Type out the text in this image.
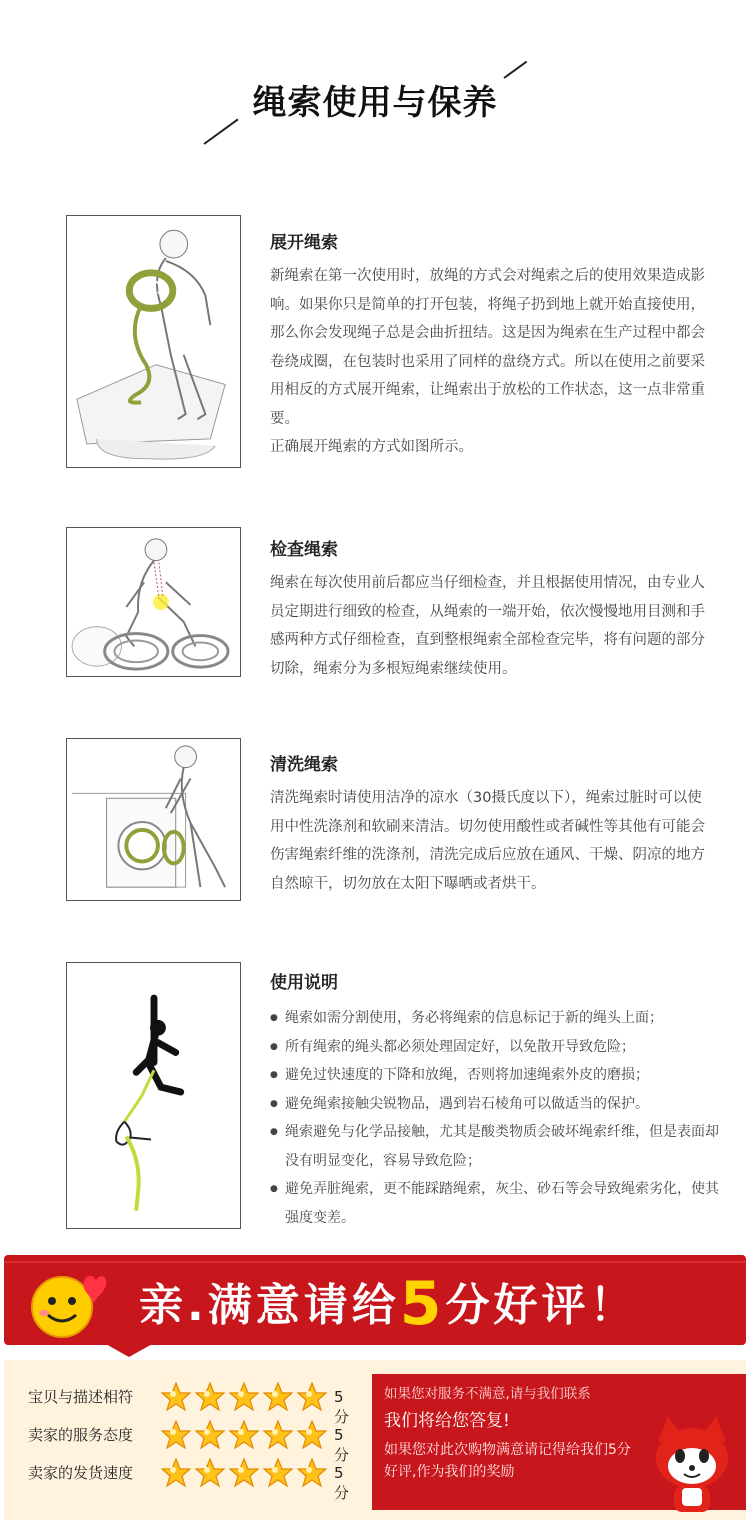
绳索使用与保养
展开绳索

新绳索在第一次使用时，放绳的方式会对绳索之后的使用效果造成影响。如果你只是简单的打开包装，将绳子扔到地上就开始直接使用，那么你会发现绳子总是会曲折扭结。这是因为绳索在生产过程中都会卷绕成圈，在包装时也采用了同样的盘绕方式。所以在使用之前要采用相反的方式展开绳索，让绳索出于放松的工作状态，这一点非常重要。

正确展开绳索的方式如图所示。

检查绳索

绳索在每次使用前后都应当仔细检查，并且根据使用情况，由专业人员定期进行细致的检查，从绳索的一端开始，依次慢慢地用目测和手感两种方式仔细检查，直到整根绳索全部检查完毕，将有问题的部分切除，绳索分为多根短绳索继续使用。

清洗绳索

清洗绳索时请使用洁净的凉水（30摄氏度以下），绳索过脏时可以使用中性洗涤剂和软刷来清洁。切勿使用酸性或者碱性等其他有可能会伤害绳索纤维的洗涤剂，清洗完成后应放在通风、干燥、阴凉的地方自然晾干，切勿放在太阳下曝晒或者烘干。

使用说明
● 绳索如需分割使用，务必将绳索的信息标记于新的绳头上面；
● 所有绳索的绳头都必须处理固定好，以免散开导致危险；
● 避免过快速度的下降和放绳，否则将加速绳索外皮的磨损；
● 避免绳索接触尖锐物品，遇到岩石棱角可以做适当的保护。
● 绳索避免与化学品接触，尤其是酸类物质会破坏绳索纤维，但是表面却没有明显变化，容易导致危险；
● 避免弄脏绳索，更不能踩踏绳索，灰尘、砂石等会导致绳索劣化，使其强度变差。
亲.满意请给5分好评！
宝贝与描述相符	5分
卖家的服务态度	5分
卖家的发货速度	5分
如果您对服务不满意,请与我们联系
我们将给您答复!
如果您对此次购物满意请记得给我们5分好评,作为我们的奖励
